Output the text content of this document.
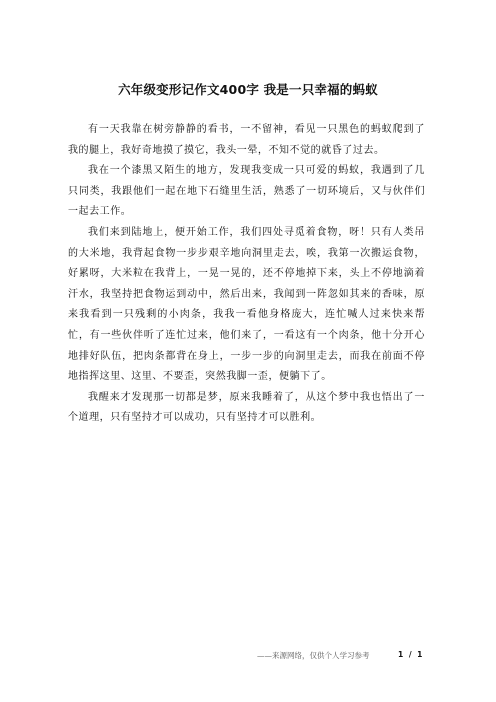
六年级变形记作文400字 我是一只幸福的蚂蚁

有一天我靠在树旁静静的看书，一不留神，看见一只黑色的蚂蚁爬到了我的腿上，我好奇地摸了摸它，我头一晕，不知不觉的就昏了过去。

我在一个漆黑又陌生的地方，发现我变成一只可爱的蚂蚁，我遇到了几只同类，我跟他们一起在地下石缝里生活，熟悉了一切环境后，又与伙伴们一起去工作。

我们来到陆地上，便开始工作，我们四处寻觅着食物，呀！只有人类吊的大米地，我背起食物一步步艰辛地向洞里走去，唉，我第一次搬运食物，好累呀，大米粒在我背上，一晃一晃的，还不停地掉下来，头上不停地滴着汗水，我坚持把食物运到动中，然后出来，我闻到一阵忽如其来的香味，原来我看到一只残剩的小肉条，我我一看他身格庞大，连忙喊人过来快来帮忙，有一些伙伴听了连忙过来，他们来了，一看这有一个肉条，他十分开心地排好队伍，把肉条都背在身上，一步一步的向洞里走去，而我在前面不停地指挥这里、这里、不要歪，突然我脚一歪，便躺下了。

我醒来才发现那一切都是梦，原来我睡着了，从这个梦中我也悟出了一个道理，只有坚持才可以成功，只有坚持才可以胜利。

——来源网络，仅供个人学习参考	1 / 1
